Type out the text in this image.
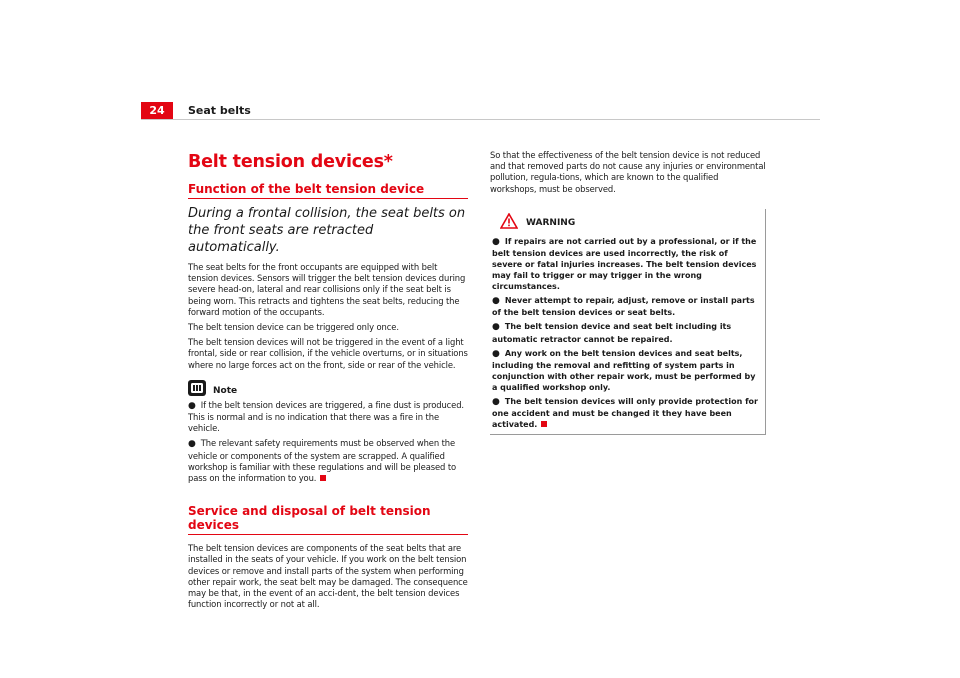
24	Seat belts
Belt tension devices*
Function of the belt tension device
During a frontal collision, the seat belts on the front seats are retracted automatically.

The seat belts for the front occupants are equipped with belt tension devices. Sensors will trigger the belt tension devices during severe head-on, lateral and rear collisions only if the seat belt is being worn. This retracts and tightens the seat belts, reducing the forward motion of the occupants.

The belt tension device can be triggered only once.

The belt tension devices will not be triggered in the event of a light frontal, side or rear collision, if the vehicle overturns, or in situations where no large forces act on the front, side or rear of the vehicle.

Note

● If the belt tension devices are triggered, a fine dust is produced. This is normal and is no indication that there was a fire in the vehicle.

● The relevant safety requirements must be observed when the vehicle or components of the system are scrapped. A qualified workshop is familiar with these regulations and will be pleased to pass on the information to you.

Service and disposal of belt tension devices

The belt tension devices are components of the seat belts that are installed in the seats of your vehicle. If you work on the belt tension devices or remove and install parts of the system when performing other repair work, the seat belt may be damaged. The consequence may be that, in the event of an acci-dent, the belt tension devices function incorrectly or not at all.

So that the effectiveness of the belt tension device is not reduced and that removed parts do not cause any injuries or environmental pollution, regula-tions, which are known to the qualified workshops, must be observed.

WARNING

● If repairs are not carried out by a professional, or if the belt tension devices are used incorrectly, the risk of severe or fatal injuries increases. The belt tension devices may fail to trigger or may trigger in the wrong circumstances.

● Never attempt to repair, adjust, remove or install parts of the belt tension devices or seat belts.

● The belt tension device and seat belt including its automatic retractor cannot be repaired.

● Any work on the belt tension devices and seat belts, including the removal and refitting of system parts in conjunction with other repair work, must be performed by a qualified workshop only.

● The belt tension devices will only provide protection for one accident and must be changed it they have been activated.
